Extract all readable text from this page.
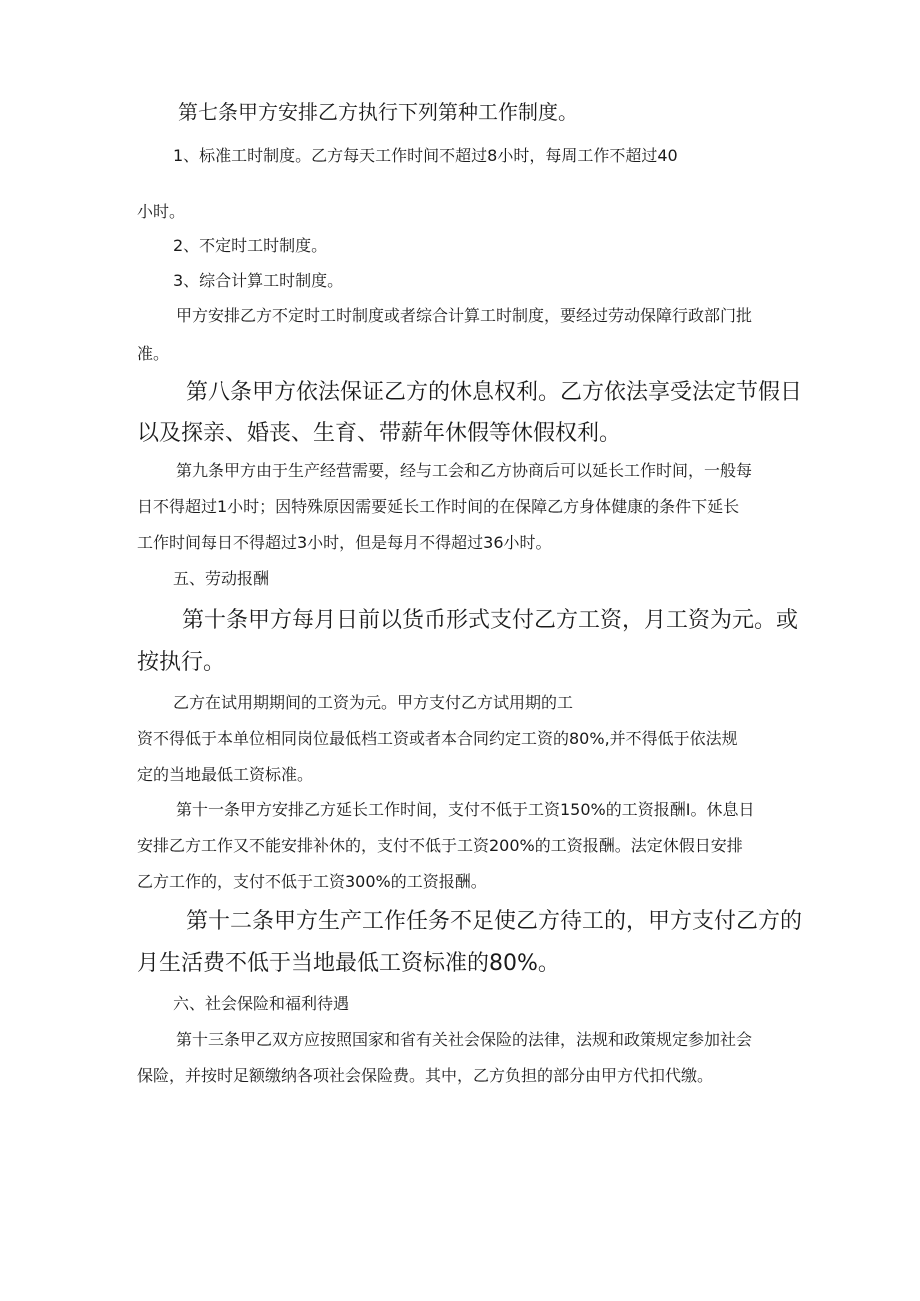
第七条甲方安排乙方执行下列第种工作制度。

1、标准工时制度。乙方每天工作时间不超过8小时，每周工作不超过40

小时。

2、不定时工时制度。

3、综合计算工时制度。

甲方安排乙方不定时工时制度或者综合计算工时制度，要经过劳动保障行政部门批

准。

第八条甲方依法保证乙方的休息权利。乙方依法享受法定节假日

以及探亲、婚丧、生育、带薪年休假等休假权利。

第九条甲方由于生产经营需要，经与工会和乙方协商后可以延长工作时间，一般每

日不得超过1小时；因特殊原因需要延长工作时间的在保障乙方身体健康的条件下延长

工作时间每日不得超过3小时，但是每月不得超过36小时。

五、劳动报酬

第十条甲方每月日前以货币形式支付乙方工资，月工资为元。或

按执行。

乙方在试用期期间的工资为元。甲方支付乙方试用期的工

资不得低于本单位相同岗位最低档工资或者本合同约定工资的80%,并不得低于依法规

定的当地最低工资标准。

第十一条甲方安排乙方延长工作时间，支付不低于工资150%的工资报酬I。休息日

安排乙方工作又不能安排补休的，支付不低于工资200%的工资报酬。法定休假日安排

乙方工作的，支付不低于工资300%的工资报酬。

第十二条甲方生产工作任务不足使乙方待工的，甲方支付乙方的

月生活费不低于当地最低工资标准的80%。

六、社会保险和福利待遇

第十三条甲乙双方应按照国家和省有关社会保险的法律，法规和政策规定参加社会

保险，并按时足额缴纳各项社会保险费。其中，乙方负担的部分由甲方代扣代缴。
